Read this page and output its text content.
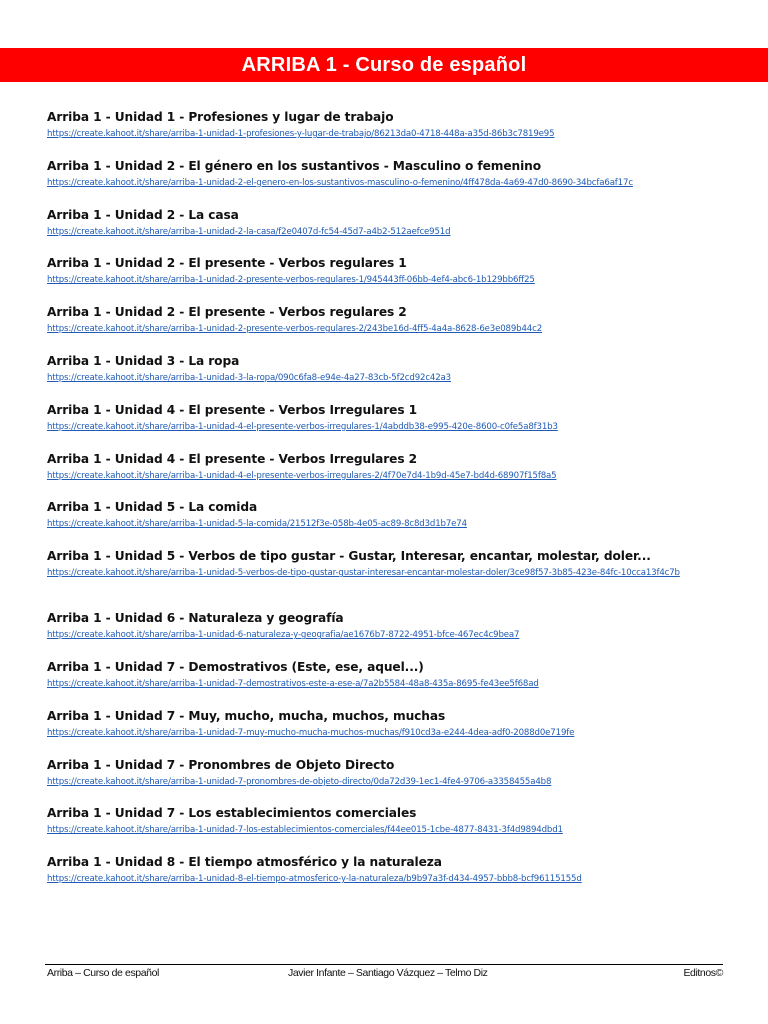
ARRIBA 1 - Curso de español
Arriba 1 - Unidad 1 - Profesiones y lugar de trabajo
https://create.kahoot.it/share/arriba-1-unidad-1-profesiones-y-lugar-de-trabajo/86213da0-4718-448a-a35d-86b3c7819e95
Arriba 1 - Unidad 2 - El género en los sustantivos - Masculino o femenino
https://create.kahoot.it/share/arriba-1-unidad-2-el-genero-en-los-sustantivos-masculino-o-femenino/4ff478da-4a69-47d0-8690-34bcfa6af17c
Arriba 1 - Unidad 2 - La casa
https://create.kahoot.it/share/arriba-1-unidad-2-la-casa/f2e0407d-fc54-45d7-a4b2-512aefce951d
Arriba 1 - Unidad 2 - El presente - Verbos regulares 1
https://create.kahoot.it/share/arriba-1-unidad-2-presente-verbos-regulares-1/945443ff-06bb-4ef4-abc6-1b129bb6ff25
Arriba 1 - Unidad 2 - El presente - Verbos regulares 2
https://create.kahoot.it/share/arriba-1-unidad-2-presente-verbos-regulares-2/243be16d-4ff5-4a4a-8628-6e3e089b44c2
Arriba 1 - Unidad 3 - La ropa
https://create.kahoot.it/share/arriba-1-unidad-3-la-ropa/090c6fa8-e94e-4a27-83cb-5f2cd92c42a3
Arriba 1 - Unidad 4 - El presente - Verbos Irregulares 1
https://create.kahoot.it/share/arriba-1-unidad-4-el-presente-verbos-irregulares-1/4abddb38-e995-420e-8600-c0fe5a8f31b3
Arriba 1 - Unidad 4 - El presente - Verbos Irregulares 2
https://create.kahoot.it/share/arriba-1-unidad-4-el-presente-verbos-irregulares-2/4f70e7d4-1b9d-45e7-bd4d-68907f15f8a5
Arriba 1 - Unidad 5 - La comida
https://create.kahoot.it/share/arriba-1-unidad-5-la-comida/21512f3e-058b-4e05-ac89-8c8d3d1b7e74
Arriba 1 - Unidad 5 - Verbos de tipo gustar - Gustar, Interesar, encantar, molestar, doler...
https://create.kahoot.it/share/arriba-1-unidad-5-verbos-de-tipo-gustar-gustar-interesar-encantar-molestar-doler/3ce98f57-3b85-423e-84fc-10cca13f4c7b
Arriba 1 - Unidad 6 - Naturaleza y geografía
https://create.kahoot.it/share/arriba-1-unidad-6-naturaleza-y-geografia/ae1676b7-8722-4951-bfce-467ec4c9bea7
Arriba 1 - Unidad 7 - Demostrativos (Este, ese, aquel...)
https://create.kahoot.it/share/arriba-1-unidad-7-demostrativos-este-a-ese-a/7a2b5584-48a8-435a-8695-fe43ee5f68ad
Arriba 1 - Unidad 7 - Muy, mucho, mucha, muchos, muchas
https://create.kahoot.it/share/arriba-1-unidad-7-muy-mucho-mucha-muchos-muchas/f910cd3a-e244-4dea-adf0-2088d0e719fe
Arriba 1 - Unidad 7 - Pronombres de Objeto Directo
https://create.kahoot.it/share/arriba-1-unidad-7-pronombres-de-objeto-directo/0da72d39-1ec1-4fe4-9706-a3358455a4b8
Arriba 1 - Unidad 7 - Los establecimientos comerciales
https://create.kahoot.it/share/arriba-1-unidad-7-los-establecimientos-comerciales/f44ee015-1cbe-4877-8431-3f4d9894dbd1
Arriba 1 - Unidad 8 - El tiempo atmosférico y la naturaleza
https://create.kahoot.it/share/arriba-1-unidad-8-el-tiempo-atmosferico-y-la-naturaleza/b9b97a3f-d434-4957-bbb8-bcf96115155d
Arriba – Curso de español	Javier Infante – Santiago Vázquez – Telmo Diz	Editnos©
